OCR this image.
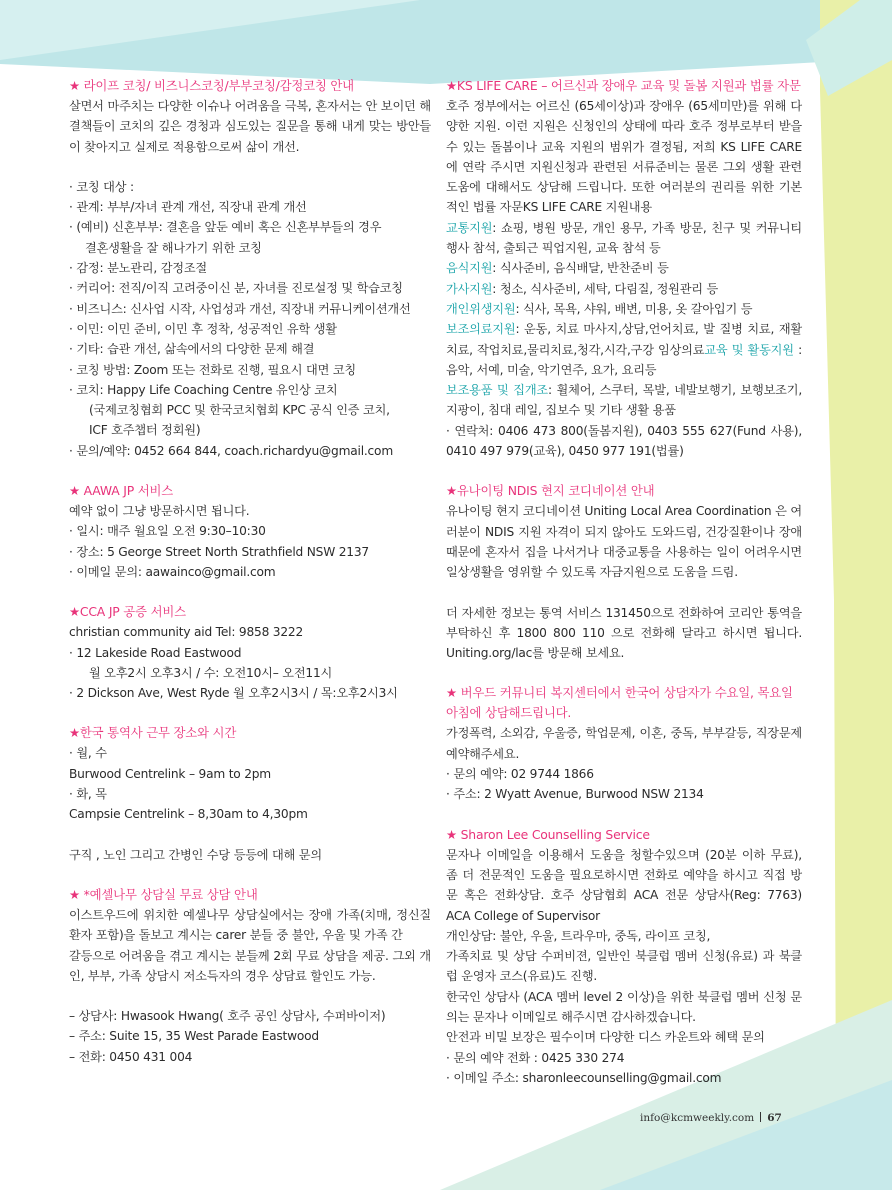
★ 라이프 코칭/ 비즈니스코칭/부부코칭/감정코칭 안내

살면서 마주치는 다양한 이슈나 어려움을 극복, 혼자서는 안 보이던 해결책들이 코치의 깊은 경청과 심도있는 질문을 통해 내게 맞는 방안들이 찾아지고 실제로 적용함으로써 삶이 개선.

· 코칭 대상 :
· 관계: 부부/자녀 관계 개선, 직장내 관계 개선
· (예비) 신혼부부: 결혼을 앞둔 예비 혹은 신혼부부들의 경우
결혼생활을 잘 해나가기 위한 코칭
· 감정: 분노관리, 감정조절
· 커리어: 전직/이직 고려중이신 분, 자녀를 진로설정 및 학습코칭
· 비즈니스: 신사업 시작, 사업성과 개선, 직장내 커뮤니케이션개선
· 이민: 이민 준비, 이민 후 정착, 성공적인 유학 생활
· 기타: 습관 개선, 삶속에서의 다양한 문제 해결
· 코칭 방법: Zoom 또는 전화로 진행, 필요시 대면 코칭
· 코치: Happy Life Coaching Centre 유인상 코치
(국제코칭협회 PCC 및 한국코치협회 KPC 공식 인증 코치,
ICF 호주챕터 정회원)
· 문의/예약: 0452 664 844, coach.richardyu@gmail.com
★ AAWA JP 서비스
예약 없이 그냥 방문하시면 됩니다.
· 일시: 매주 월요일 오전 9:30–10:30
· 장소: 5 George Street North Strathfield NSW 2137
· 이메일 문의: aawainco@gmail.com
★CCA JP 공증 서비스
christian community aid Tel: 9858 3222
· 12 Lakeside Road Eastwood
월 오후2시 오후3시 / 수: 오전10시– 오전11시
· 2 Dickson Ave, West Ryde 월 오후2시3시 / 목:오후2시3시
★한국 통역사 근무 장소와 시간
· 월, 수
Burwood Centrelink – 9am to 2pm
· 화, 목
Campsie Centrelink – 8,30am to 4,30pm
구직 , 노인 그리고 간병인 수당 등등에 대해 문의
★ *예셀나무 상담실 무료 상담 안내

이스트우드에 위치한 예셀나무 상담실에서는 장애 가족(치매, 정신질환자 포함)을 돌보고 계시는 carer 분들 중 불안, 우울 및 가족 간

갈등으로 어려움을 겪고 계시는 분들께 2회 무료 상담을 제공. 그외 개인, 부부, 가족 상담시 저소득자의 경우 상담료 할인도 가능.

– 상담사: Hwasook Hwang( 호주 공인 상담사, 수퍼바이저)
– 주소: Suite 15, 35 West Parade Eastwood
– 전화: 0450 431 004
★KS LIFE CARE – 어르신과 장애우 교육 및 돌봄 지원과 법률 자문

호주 정부에서는 어르신 (65세이상)과 장애우 (65세미만)를 위해 다양한 지원. 이런 지원은 신청인의 상태에 따라 호주 정부로부터 받을 수 있는 돌봄이나 교육 지원의 범위가 결정됨, 저희 KS LIFE CARE 에 연락 주시면 지원신청과 관련된 서류준비는 물론 그외 생활 관련 도움에 대해서도 상담해 드립니다. 또한 여러분의 권리를 위한 기본적인 법률 자문KS LIFE CARE 지원내용

교통지원: 쇼핑, 병원 방문, 개인 용무, 가족 방문, 친구 및 커뮤니티 행사 참석, 출퇴근 픽업지원, 교육 참석 등

음식지원: 식사준비, 음식배달, 반찬준비 등

가사지원: 청소, 식사준비, 세탁, 다림질, 정원관리 등

개인위생지원: 식사, 목욕, 샤워, 배변, 미용, 옷 갈아입기 등

보조의료지원: 운동, 치료 마사지,상담,언어치료, 발 질병 치료, 재활치료, 작업치료,물리치료,청각,시각,구강 임상의료교육 및 활동지원 : 음악, 서예, 미술, 악기연주, 요가, 요리등

보조용품 및 집개조: 휠체어, 스쿠터, 목발, 네발보행기, 보행보조기, 지팡이, 침대 레일, 집보수 및 기타 생활 용품

· 연락처: 0406 473 800(돌봄지원), 0403 555 627(Fund 사용), 0410 497 979(교육), 0450 977 191(법률)

★유나이팅 NDIS 현지 코디네이션 안내

유나이팅 현지 코디네이션 Uniting Local Area Coordination 은 여러분이 NDIS 지원 자격이 되지 않아도 도와드림, 건강질환이나 장애 때문에 혼자서 집을 나서거나 대중교통을 사용하는 일이 어려우시면 일상생활을 영위할 수 있도록 자금지원으로 도움을 드림.

더 자세한 정보는 통역 서비스 131450으로 전화하여 코리안 통역을 부탁하신 후 1800 800 110 으로 전화해 달라고 하시면 됩니다. Uniting.org/lac를 방문해 보세요.

★ 버우드 커뮤니티 복지센터에서 한국어 상담자가 수요일, 목요일 아침에 상담해드립니다.

가정폭력, 소외감, 우울증, 학업문제, 이혼, 중독, 부부갈등, 직장문제 예약해주세요.

· 문의 예약: 02 9744 1866
· 주소: 2 Wyatt Avenue, Burwood NSW 2134
★ Sharon Lee Counselling Service

문자나 이메일을 이용해서 도움을 청할수있으며 (20분 이하 무료), 좀 더 전문적인 도움을 필요로하시면 전화로 예약을 하시고 직접 방문 혹은 전화상담. 호주 상담협회 ACA 전문 상담사(Reg: 7763) ACA College of Supervisor

개인상담: 불안, 우울, 트라우마, 중독, 라이프 코칭,

가족치료 및 상담 수퍼비젼, 일반인 북클럽 멤버 신청(유료) 과 북클럽 운영자 코스(유료)도 진행.

한국인 상담사 (ACA 멤버 level 2 이상)을 위한 북클럽 멤버 신청 문의는 문자나 이메일로 해주시면 감사하겠습니다.

안전과 비밀 보장은 필수이며 다양한 디스 카운트와 혜택 문의

· 문의 예약 전화 : 0425 330 274
· 이메일 주소: sharonleecounselling@gmail.com
info@kcmweekly.com 67
